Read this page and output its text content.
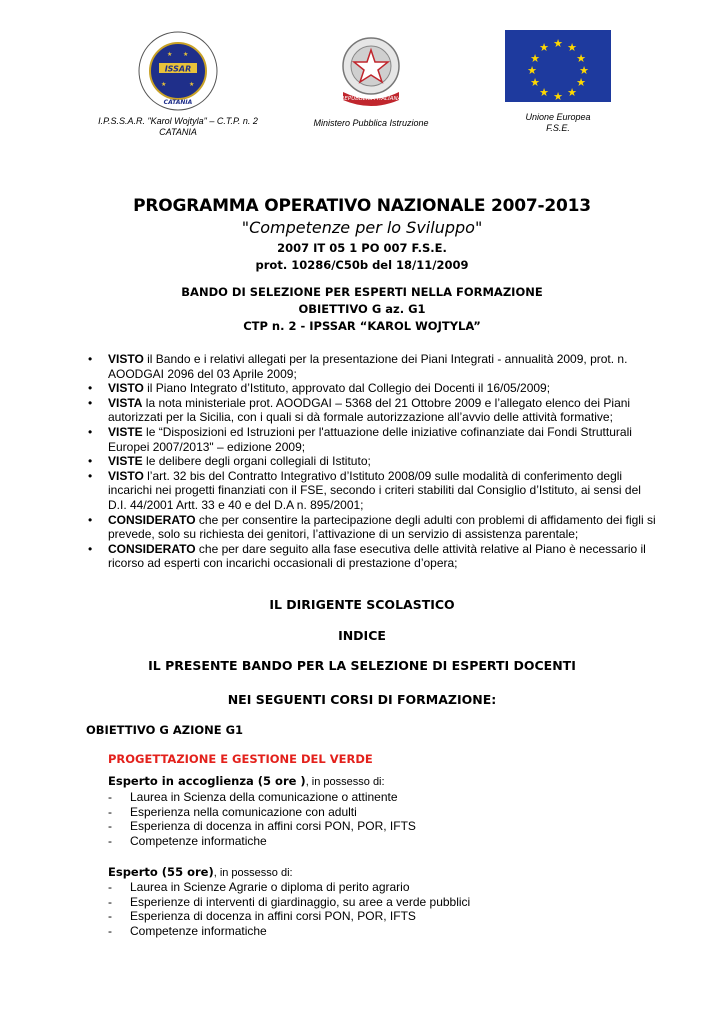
ISSAR
CATANIA
★ ★
★	★
I.P.S.S.A.R. "Karol Wojtyla" – C.T.P. n. 2
CATANIA
REPUBBLICA ITALIANA
Ministero Pubblica Istruzione
★ ★
★
★
★
★
★
★
★
★
★
★
Unione Europea
F.S.E.
PROGRAMMA OPERATIVO NAZIONALE 2007-2013
"Competenze per lo Sviluppo"
2007 IT 05 1 PO 007 F.S.E.
prot. 10286/C50b del 18/11/2009
BANDO DI SELEZIONE PER ESPERTI NELLA FORMAZIONE
OBIETTIVO G az. G1
CTP n. 2 - IPSSAR “KAROL WOJTYLA”
• VISTO il Bando e i relativi allegati per la presentazione dei Piani Integrati - annualità 2009, prot. n. AOODGAI 2096 del 03 Aprile 2009;
• VISTO il Piano Integrato d’Istituto, approvato dal Collegio dei Docenti il 16/05/2009;
• VISTA la nota ministeriale prot. AOODGAI – 5368 del 21 Ottobre 2009 e l’allegato elenco dei Piani autorizzati per la Sicilia, con i quali si dà formale autorizzazione all’avvio delle attività formative;
• VISTE le “Disposizioni ed Istruzioni per l'attuazione delle iniziative cofinanziate dai Fondi Strutturali Europei 2007/2013" – edizione 2009;
• VISTE le delibere degli organi collegiali di Istituto;
• VISTO l’art. 32 bis del Contratto Integrativo d’Istituto 2008/09 sulle modalità di conferimento degli incarichi nei progetti finanziati con il FSE, secondo i criteri stabiliti dal Consiglio d’Istituto, ai sensi del D.I. 44/2001 Artt. 33 e 40 e del D.A n. 895/2001;
• CONSIDERATO che per consentire la partecipazione degli adulti con problemi di affidamento dei figli si prevede, solo su richiesta dei genitori, l’attivazione di un servizio di assistenza parentale;
• CONSIDERATO che per dare seguito alla fase esecutiva delle attività relative al Piano è necessario il ricorso ad esperti con incarichi occasionali di prestazione d’opera;
IL DIRIGENTE SCOLASTICO
INDICE
IL PRESENTE BANDO PER LA SELEZIONE DI ESPERTI DOCENTI
NEI SEGUENTI CORSI DI FORMAZIONE:
OBIETTIVO G AZIONE G1
PROGETTAZIONE E GESTIONE DEL VERDE
Esperto in accoglienza (5 ore ), in possesso di:
- Laurea in Scienza della comunicazione o attinente
- Esperienza nella comunicazione con adulti
- Esperienza di docenza in affini corsi PON, POR, IFTS
- Competenze informatiche
Esperto (55 ore), in possesso di:
- Laurea in Scienze Agrarie o diploma di perito agrario
- Esperienze di interventi di giardinaggio, su aree a verde pubblici
- Esperienza di docenza in affini corsi PON, POR, IFTS
- Competenze informatiche
